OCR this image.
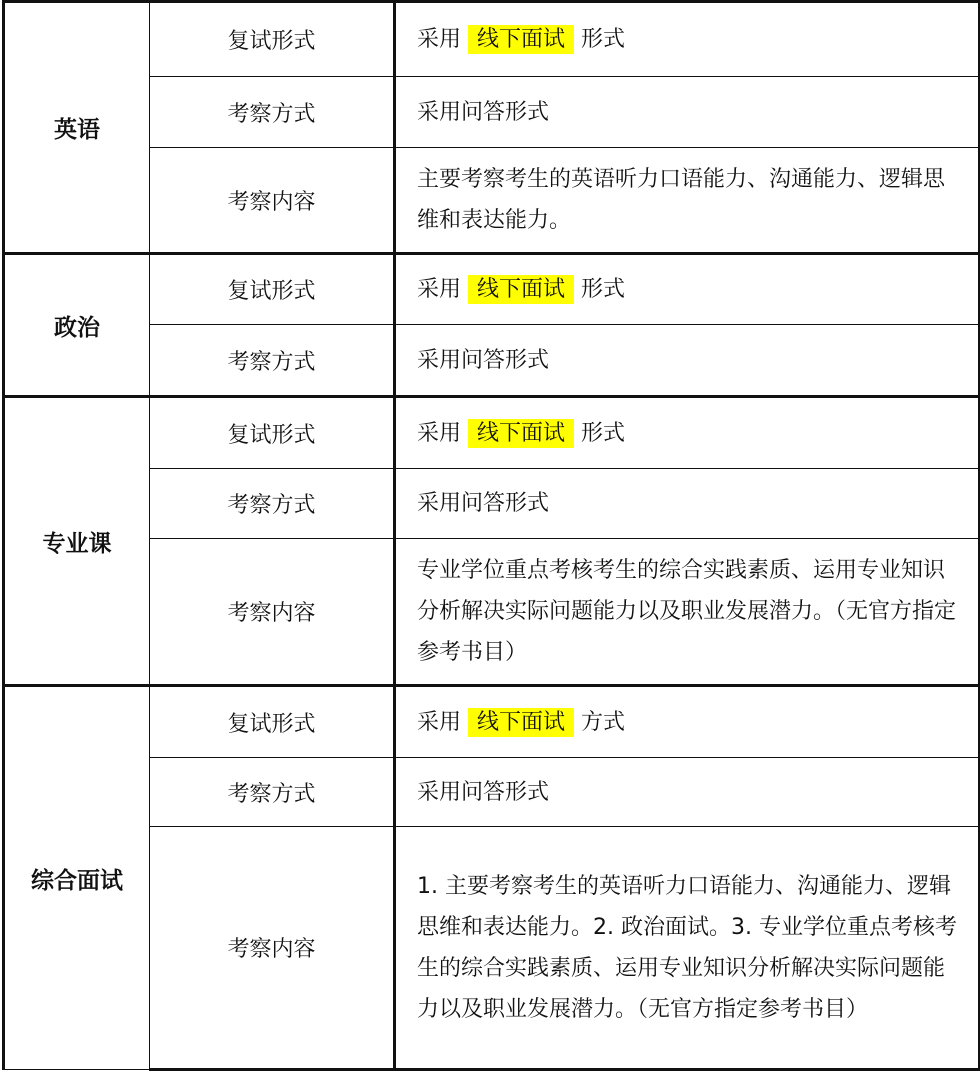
英语	复试形式	采用 线下面试 形式
	考察方式	采用问答形式
	考察内容	主要考察考生的英语听力口语能力、沟通能力、逻辑思维和表达能力。
政治	复试形式	采用 线下面试 形式
	考察方式	采用问答形式
专业课	复试形式	采用 线下面试 形式
	考察方式	采用问答形式
	考察内容	专业学位重点考核考生的综合实践素质、运用专业知识分析解决实际问题能力以及职业发展潜力。（无官方指定参考书目）
综合面试	复试形式	采用 线下面试 方式
	考察方式	采用问答形式
	考察内容	1. 主要考察考生的英语听力口语能力、沟通能力、逻辑思维和表达能力。2. 政治面试。3. 专业学位重点考核考生的综合实践素质、运用专业知识分析解决实际问题能力以及职业发展潜力。（无官方指定参考书目）
